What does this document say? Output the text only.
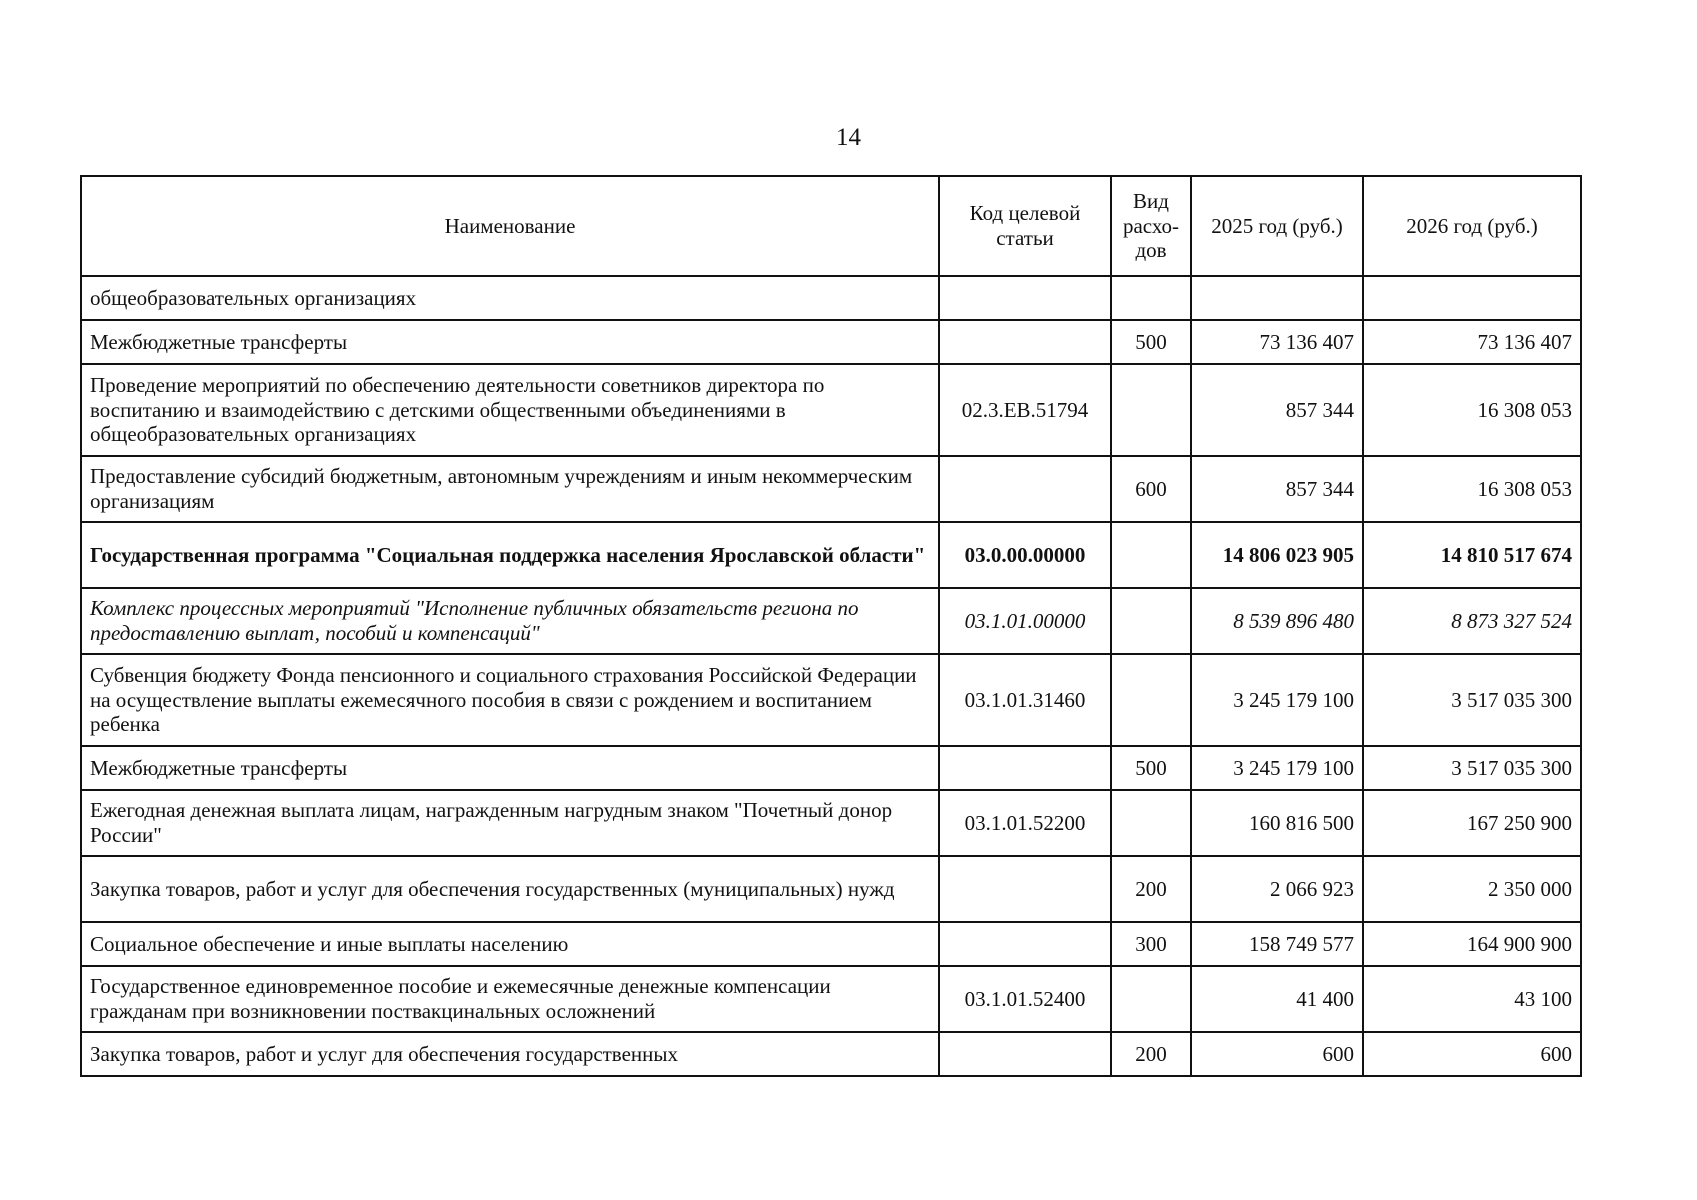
14
Наименование	Код целевой статьи	Вид расхо-дов	2025 год (руб.)	2026 год (руб.)
общеобразовательных организациях				
Межбюджетные трансферты		500	73 136 407	73 136 407
Проведение мероприятий по обеспечению деятельности советников директора по воспитанию и взаимодействию с детскими общественными объединениями в общеобразовательных организациях	02.3.EB.51794		857 344	16 308 053
Предоставление субсидий бюджетным, автономным учреждениям и иным некоммерческим организациям		600	857 344	16 308 053
Государственная программа "Социальная поддержка населения Ярославской области"	03.0.00.00000		14 806 023 905	14 810 517 674
Комплекс процессных мероприятий "Исполнение публичных обязательств региона по предоставлению выплат, пособий и компенсаций"	03.1.01.00000		8 539 896 480	8 873 327 524
Субвенция бюджету Фонда пенсионного и социального страхования Российской Федерации на осуществление выплаты ежемесячного пособия в связи с рождением и воспитанием ребенка	03.1.01.31460		3 245 179 100	3 517 035 300
Межбюджетные трансферты		500	3 245 179 100	3 517 035 300
Ежегодная денежная выплата лицам, награжденным нагрудным знаком "Почетный донор России"	03.1.01.52200		160 816 500	167 250 900
Закупка товаров, работ и услуг для обеспечения государственных (муниципальных) нужд		200	2 066 923	2 350 000
Социальное обеспечение и иные выплаты населению		300	158 749 577	164 900 900
Государственное единовременное пособие и ежемесячные денежные компенсации гражданам при возникновении поствакцинальных осложнений	03.1.01.52400		41 400	43 100
Закупка товаров, работ и услуг для обеспечения государственных		200	600	600
